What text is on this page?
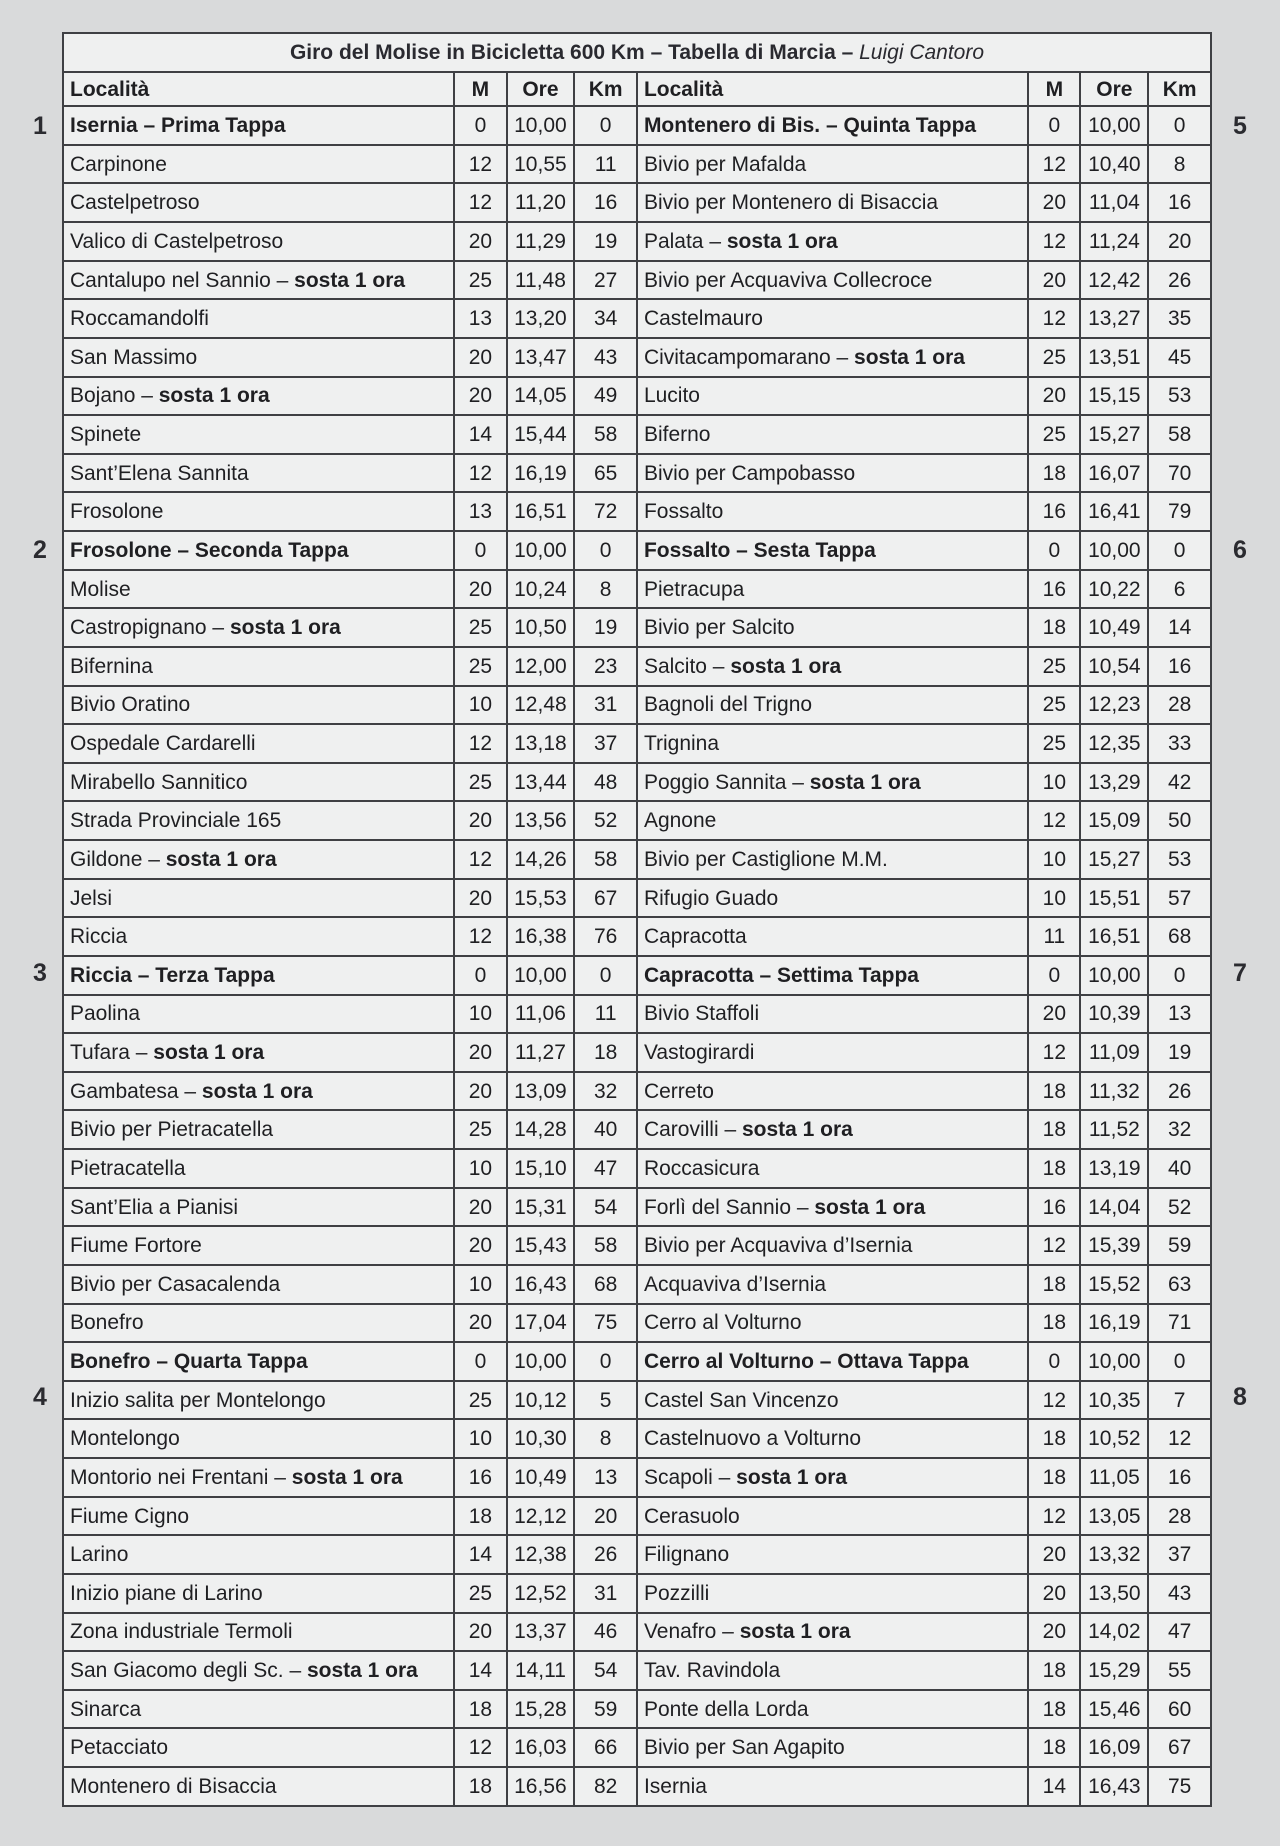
Giro del Molise in Bicicletta 600 Km – Tabella di Marcia – Luigi Cantoro							
Località	M	Ore	Km	Località	M	Ore	Km
Isernia – Prima Tappa	0	10,00	0	Montenero di Bis. – Quinta Tappa	0	10,00	0
Carpinone	12	10,55	11	Bivio per Mafalda	12	10,40	8
Castelpetroso	12	11,20	16	Bivio per Montenero di Bisaccia	20	11,04	16
Valico di Castelpetroso	20	11,29	19	Palata – sosta 1 ora	12	11,24	20
Cantalupo nel Sannio – sosta 1 ora	25	11,48	27	Bivio per Acquaviva Collecroce	20	12,42	26
Roccamandolfi	13	13,20	34	Castelmauro	12	13,27	35
San Massimo	20	13,47	43	Civitacampomarano – sosta 1 ora	25	13,51	45
Bojano – sosta 1 ora	20	14,05	49	Lucito	20	15,15	53
Spinete	14	15,44	58	Biferno	25	15,27	58
Sant’Elena Sannita	12	16,19	65	Bivio per Campobasso	18	16,07	70
Frosolone	13	16,51	72	Fossalto	16	16,41	79
Frosolone – Seconda Tappa	0	10,00	0	Fossalto – Sesta Tappa	0	10,00	0
Molise	20	10,24	8	Pietracupa	16	10,22	6
Castropignano – sosta 1 ora	25	10,50	19	Bivio per Salcito	18	10,49	14
Bifernina	25	12,00	23	Salcito – sosta 1 ora	25	10,54	16
Bivio Oratino	10	12,48	31	Bagnoli del Trigno	25	12,23	28
Ospedale Cardarelli	12	13,18	37	Trignina	25	12,35	33
Mirabello Sannitico	25	13,44	48	Poggio Sannita – sosta 1 ora	10	13,29	42
Strada Provinciale 165	20	13,56	52	Agnone	12	15,09	50
Gildone – sosta 1 ora	12	14,26	58	Bivio per Castiglione M.M.	10	15,27	53
Jelsi	20	15,53	67	Rifugio Guado	10	15,51	57
Riccia	12	16,38	76	Capracotta	11	16,51	68
Riccia – Terza Tappa	0	10,00	0	Capracotta – Settima Tappa	0	10,00	0
Paolina	10	11,06	11	Bivio Staffoli	20	10,39	13
Tufara – sosta 1 ora	20	11,27	18	Vastogirardi	12	11,09	19
Gambatesa – sosta 1 ora	20	13,09	32	Cerreto	18	11,32	26
Bivio per Pietracatella	25	14,28	40	Carovilli – sosta 1 ora	18	11,52	32
Pietracatella	10	15,10	47	Roccasicura	18	13,19	40
Sant’Elia a Pianisi	20	15,31	54	Forlì del Sannio – sosta 1 ora	16	14,04	52
Fiume Fortore	20	15,43	58	Bivio per Acquaviva d’Isernia	12	15,39	59
Bivio per Casacalenda	10	16,43	68	Acquaviva d’Isernia	18	15,52	63
Bonefro	20	17,04	75	Cerro al Volturno	18	16,19	71
Bonefro – Quarta Tappa	0	10,00	0	Cerro al Volturno – Ottava Tappa	0	10,00	0
Inizio salita per Montelongo	25	10,12	5	Castel San Vincenzo	12	10,35	7
Montelongo	10	10,30	8	Castelnuovo a Volturno	18	10,52	12
Montorio nei Frentani – sosta 1 ora	16	10,49	13	Scapoli – sosta 1 ora	18	11,05	16
Fiume Cigno	18	12,12	20	Cerasuolo	12	13,05	28
Larino	14	12,38	26	Filignano	20	13,32	37
Inizio piane di Larino	25	12,52	31	Pozzilli	20	13,50	43
Zona industriale Termoli	20	13,37	46	Venafro – sosta 1 ora	20	14,02	47
San Giacomo degli Sc. – sosta 1 ora	14	14,11	54	Tav. Ravindola	18	15,29	55
Sinarca	18	15,28	59	Ponte della Lorda	18	15,46	60
Petacciato	12	16,03	66	Bivio per San Agapito	18	16,09	67
Montenero di Bisaccia	18	16,56	82	Isernia	14	16,43	75
1
2
3
4
5
6
7
8
